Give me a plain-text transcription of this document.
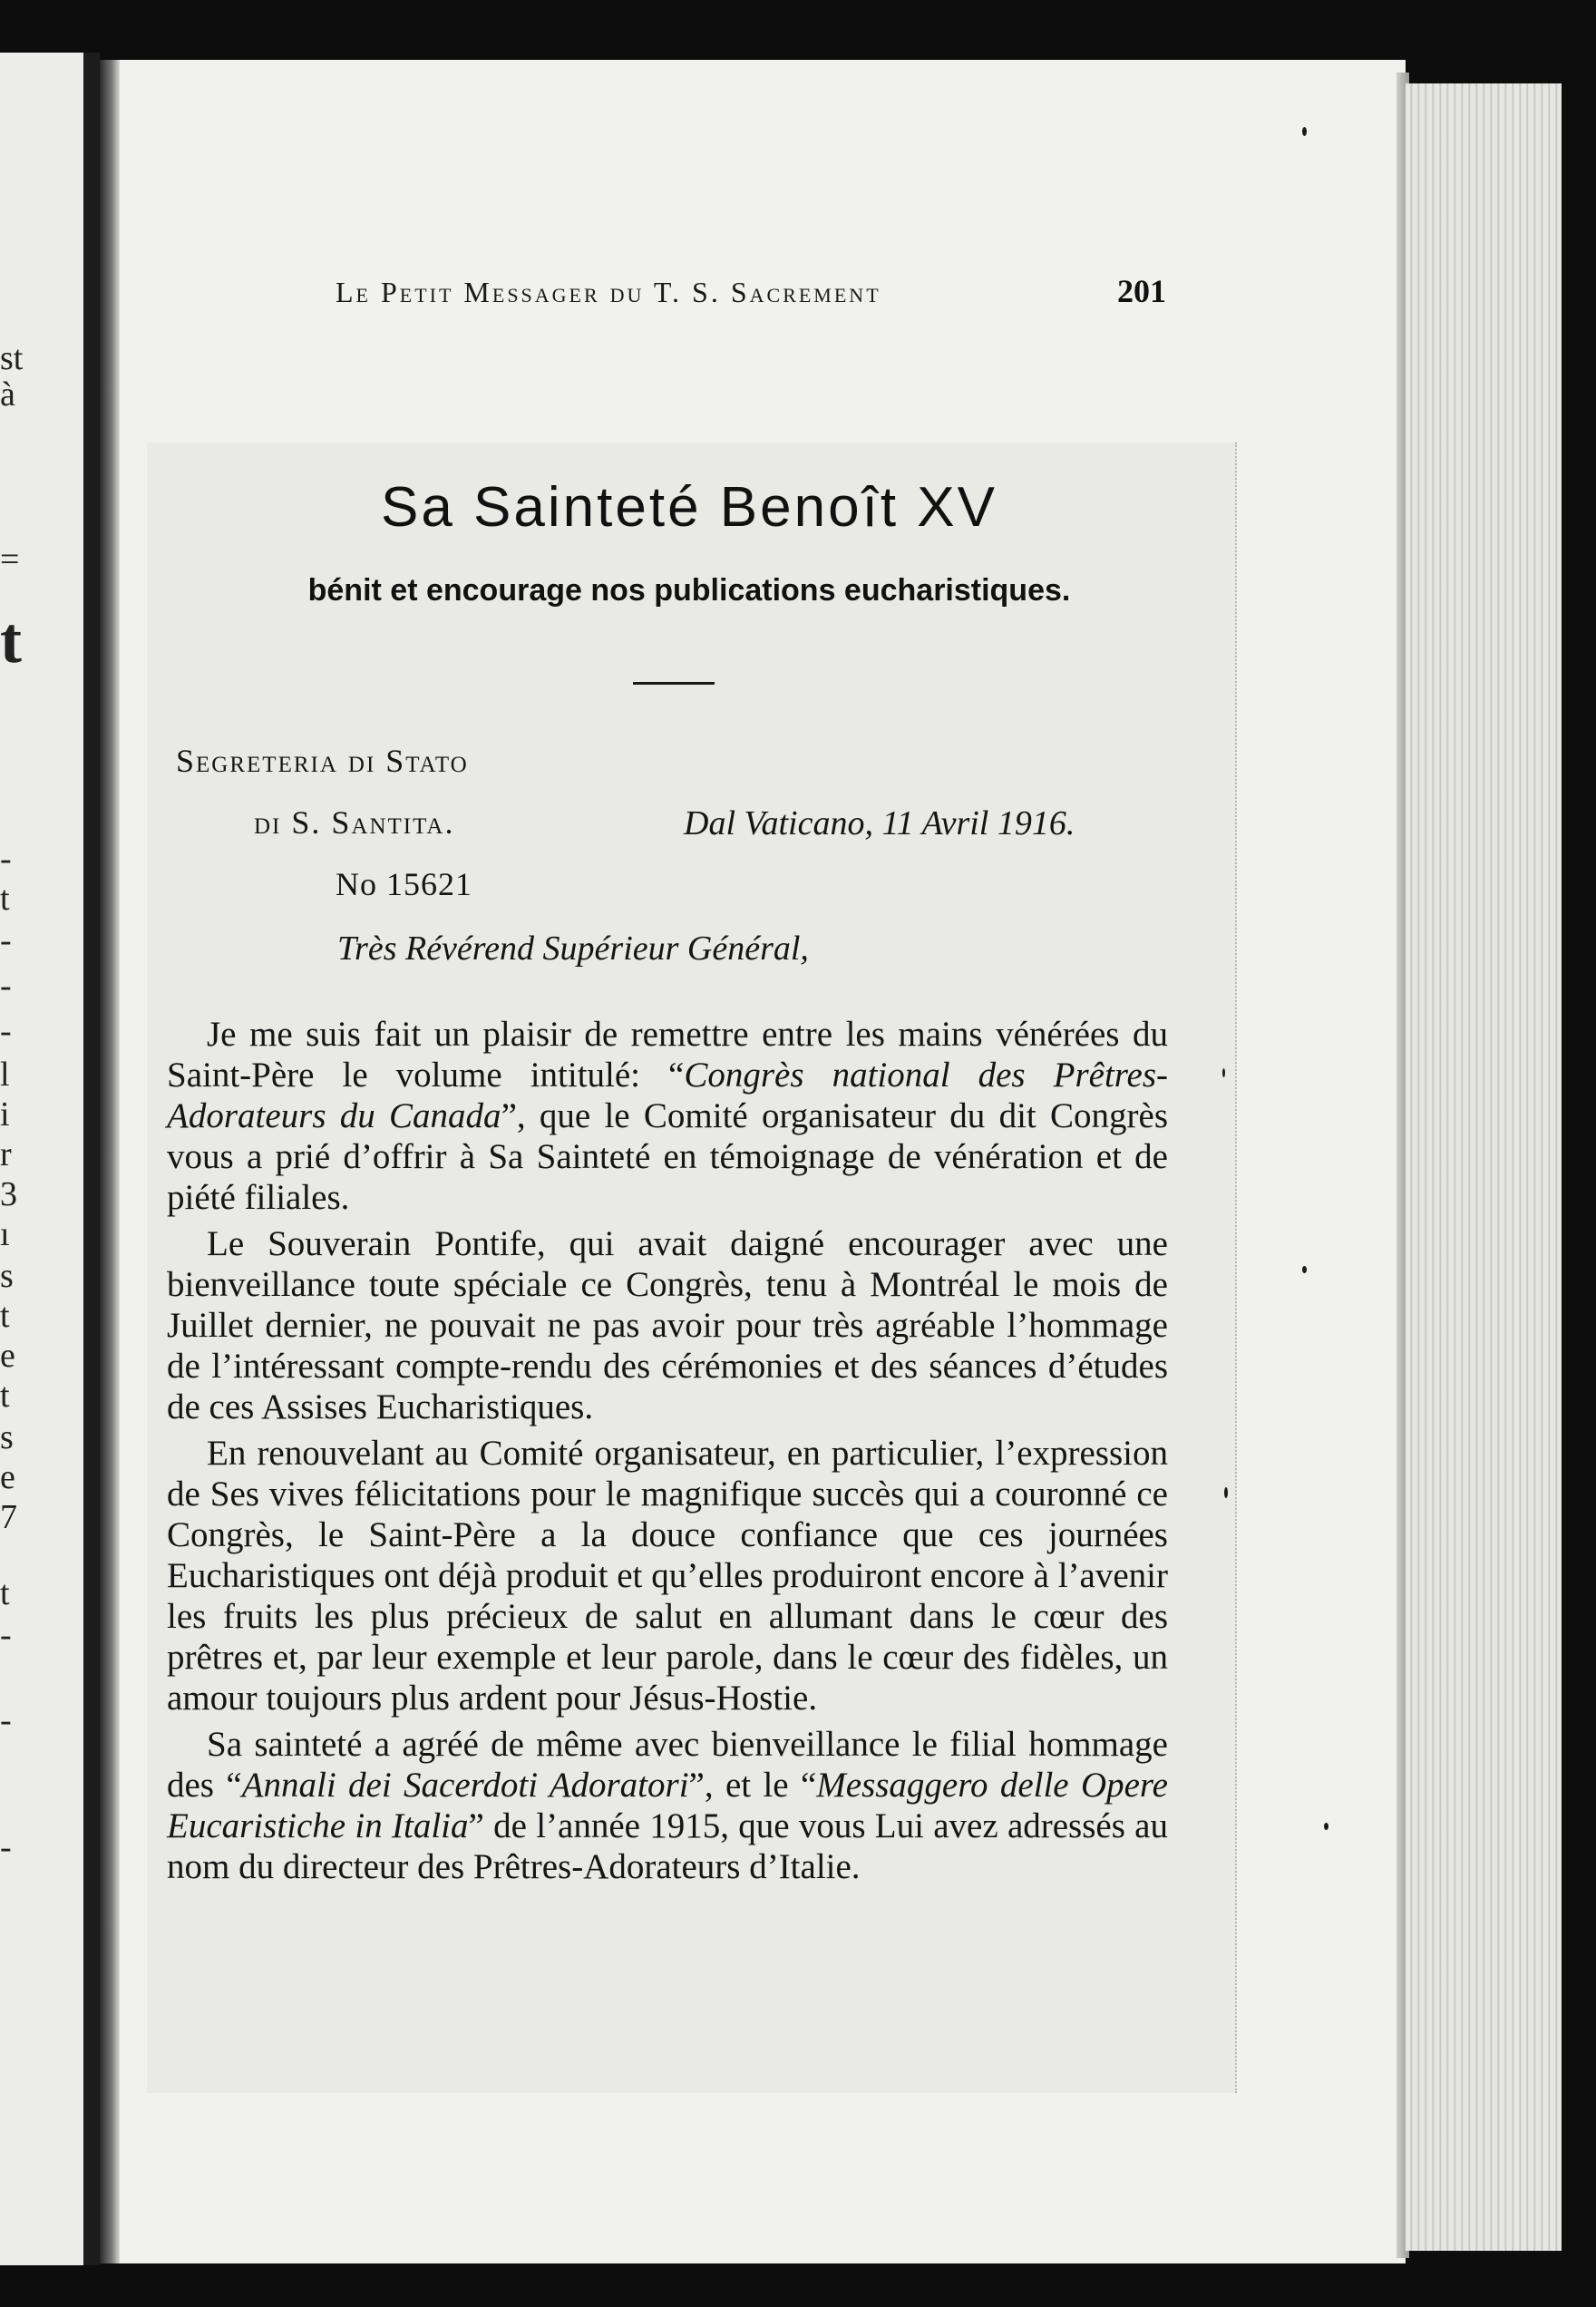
st
à
=
t
-
t
-
-
-
l
i
r
3
ı
s
t
e
t
s
e
7
t
-
-
-
Le Petit Messager du T. S. Sacrement	201
Sa Sainteté Benoît XV
bénit et encourage nos publications eucharistiques.
Segreteria di Stato
di S. Santita.	Dal Vaticano, 11 Avril 1916.
No 15621
Très Révérend Supérieur Général,

Je me suis fait un plaisir de remettre entre les mains vénérées du Saint-Père le volume intitulé: “Congrès national des Prêtres-Adorateurs du Canada”, que le Comité organisateur du dit Congrès vous a prié d’offrir à Sa Sainteté en témoignage de vénération et de piété filiales.

Le Souverain Pontife, qui avait daigné encourager avec une bienveillance toute spéciale ce Congrès, tenu à Montréal le mois de Juillet dernier, ne pouvait ne pas avoir pour très agréable l’hommage de l’intéressant compte-rendu des cérémonies et des séances d’études de ces Assises Eucharistiques.

En renouvelant au Comité organisateur, en particulier, l’expression de Ses vives félicitations pour le magnifique succès qui a couronné ce Congrès, le Saint-Père a la douce confiance que ces journées Eucharistiques ont déjà produit et qu’elles produiront encore à l’avenir les fruits les plus précieux de salut en allumant dans le cœur des prêtres et, par leur exemple et leur parole, dans le cœur des fidèles, un amour toujours plus ardent pour Jésus-Hostie.

Sa sainteté a agréé de même avec bienveillance le filial hommage des “Annali dei Sacerdoti Adoratori”, et le “Messaggero delle Opere Eucaristiche in Italia” de l’année 1915, que vous Lui avez adressés au nom du directeur des Prêtres-Adorateurs d’Italie.
